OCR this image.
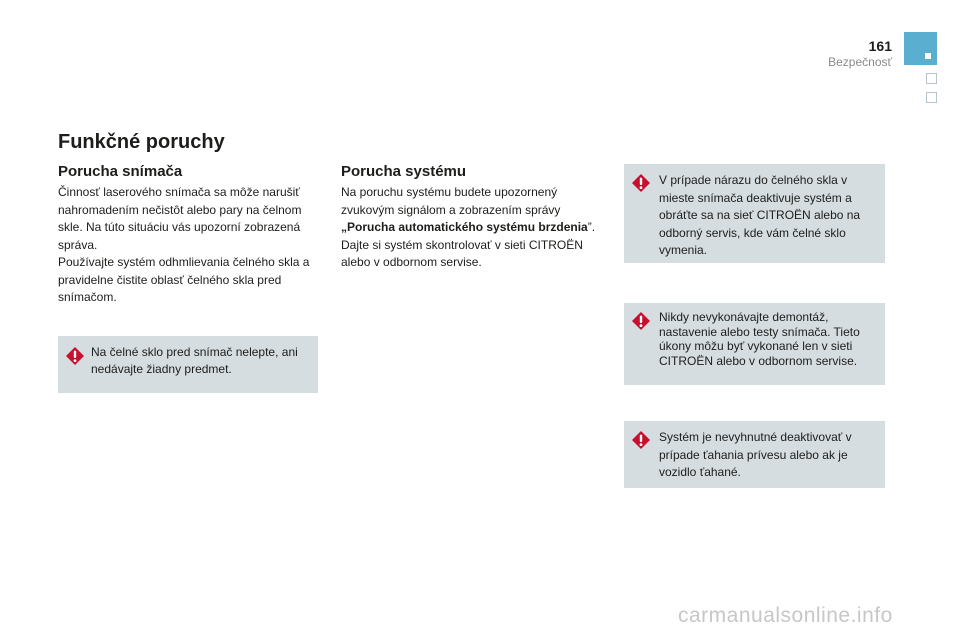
161
Bezpečnosť
Funkčné poruchy
Porucha snímača

Činnosť laserového snímača sa môže narušiť nahromadením nečistôt alebo pary na čelnom skle. Na túto situáciu vás upozorní zobrazená správa.

Používajte systém odhmlievania čelného skla a pravidelne čistite oblasť čelného skla pred snímačom.

Na čelné sklo pred snímač nelepte, ani nedávajte žiadny predmet.
Porucha systému

Na poruchu systému budete upozornený zvukovým signálom a zobrazením správy „Porucha automatického systému brzdenia”.

Dajte si systém skontrolovať v sieti CITROËN alebo v odbornom servise.

V prípade nárazu do čelného skla v mieste snímača deaktivuje systém a obráťte sa na sieť CITROËN alebo na odborný servis, kde vám čelné sklo vymenia.
Nikdy nevykonávajte demontáž, nastavenie alebo testy snímača. Tieto úkony môžu byť vykonané len v sieti CITROËN alebo v odbornom servise.
Systém je nevyhnutné deaktivovať v prípade ťahania prívesu alebo ak je vozidlo ťahané.
carmanualsonline.info
